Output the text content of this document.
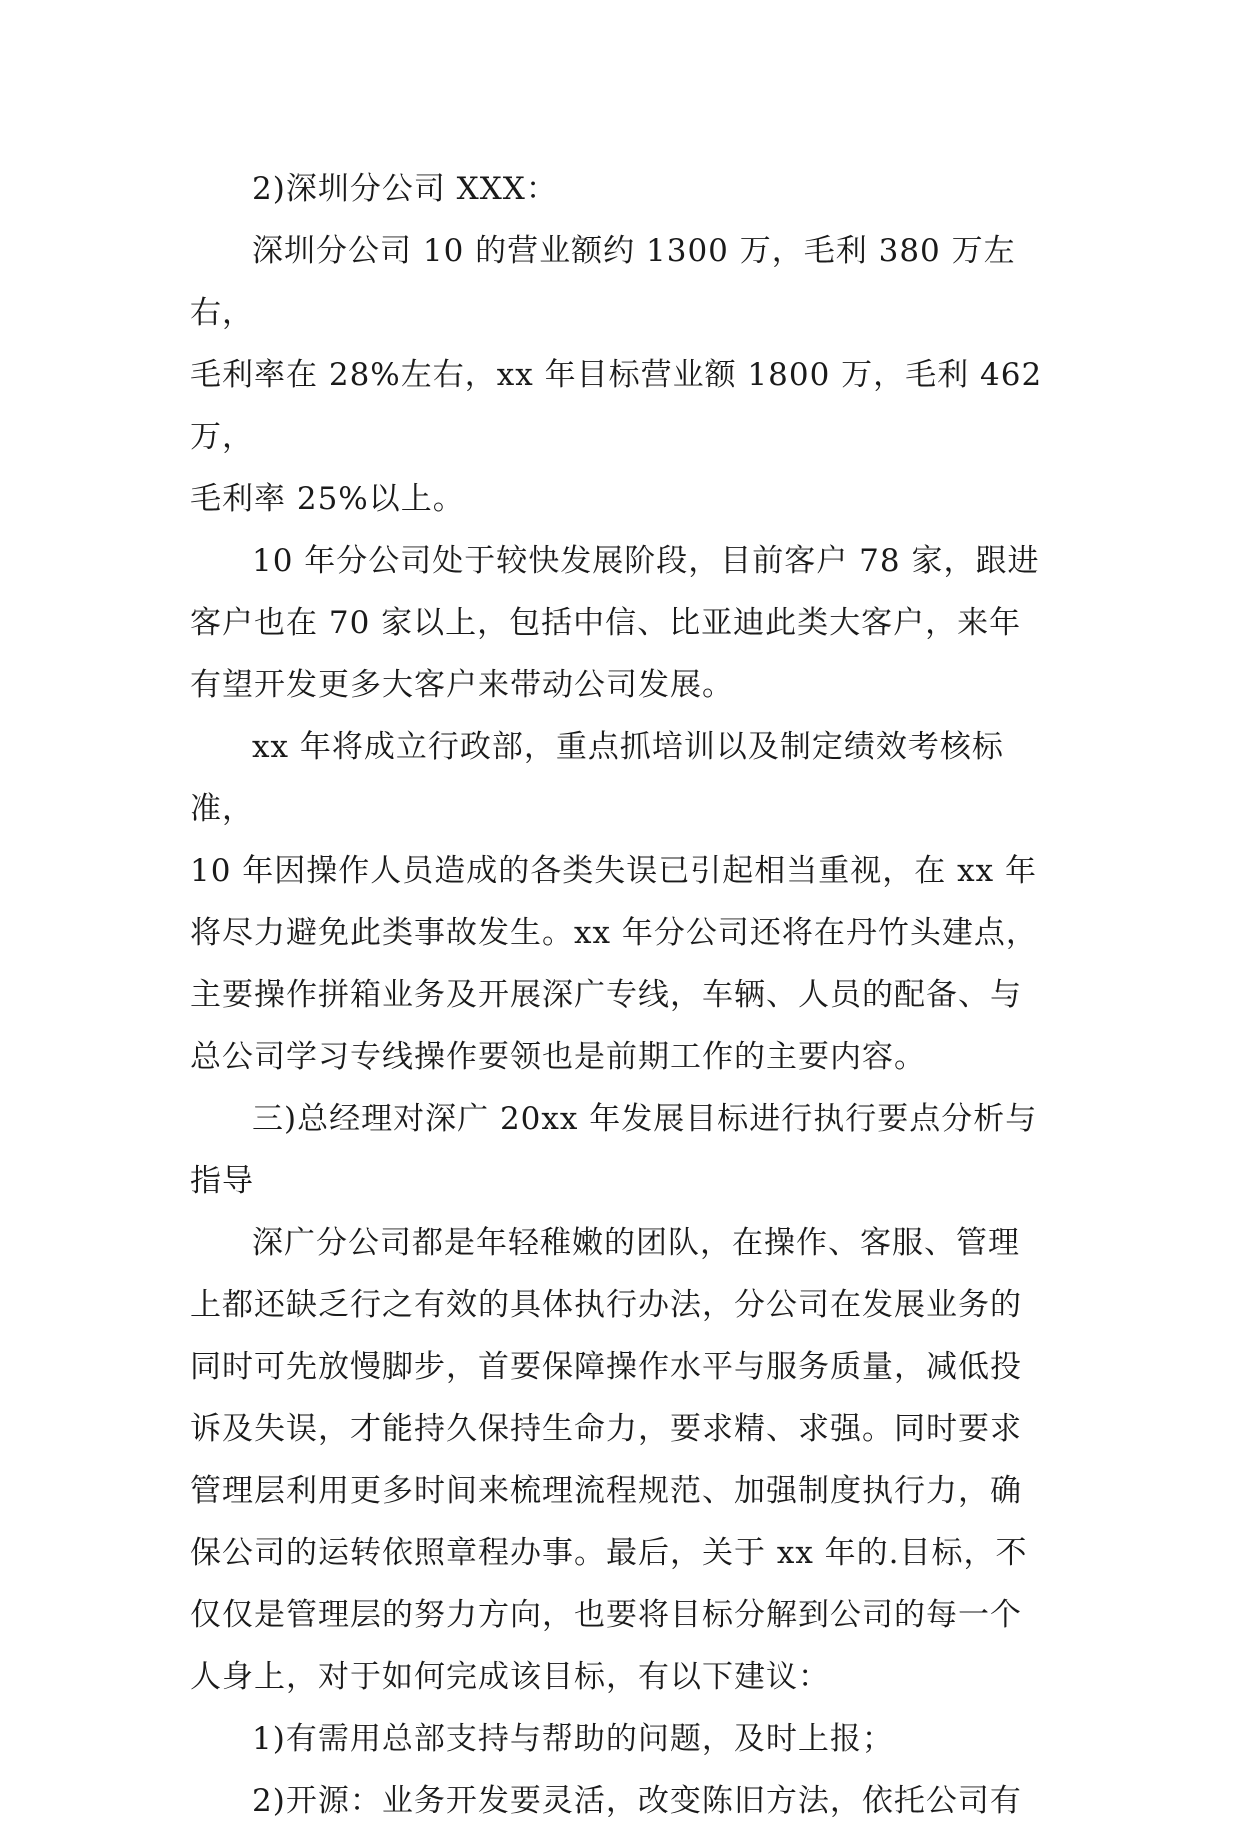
2)深圳分公司 XXX：

深圳分公司 10 的营业额约 1300 万，毛利 380 万左右，
毛利率在 28%左右，xx 年目标营业额 1800 万，毛利 462 万，
毛利率 25%以上。

10 年分公司处于较快发展阶段，目前客户 78 家，跟进
客户也在 70 家以上，包括中信、比亚迪此类大客户，来年
有望开发更多大客户来带动公司发展。

xx 年将成立行政部，重点抓培训以及制定绩效考核标准，
10 年因操作人员造成的各类失误已引起相当重视，在 xx 年
将尽力避免此类事故发生。xx 年分公司还将在丹竹头建点，
主要操作拼箱业务及开展深广专线，车辆、人员的配备、与
总公司学习专线操作要领也是前期工作的主要内容。

三)总经理对深广 20xx 年发展目标进行执行要点分析与
指导

深广分公司都是年轻稚嫩的团队，在操作、客服、管理
上都还缺乏行之有效的具体执行办法，分公司在发展业务的
同时可先放慢脚步，首要保障操作水平与服务质量，减低投
诉及失误，才能持久保持生命力，要求精、求强。同时要求
管理层利用更多时间来梳理流程规范、加强制度执行力，确
保公司的运转依照章程办事。最后，关于 xx 年的.目标，不
仅仅是管理层的努力方向，也要将目标分解到公司的每一个
人身上，对于如何完成该目标，有以下建议：

1)有需用总部支持与帮助的问题，及时上报；

2)开源：业务开发要灵活，改变陈旧方法，依托公司有
